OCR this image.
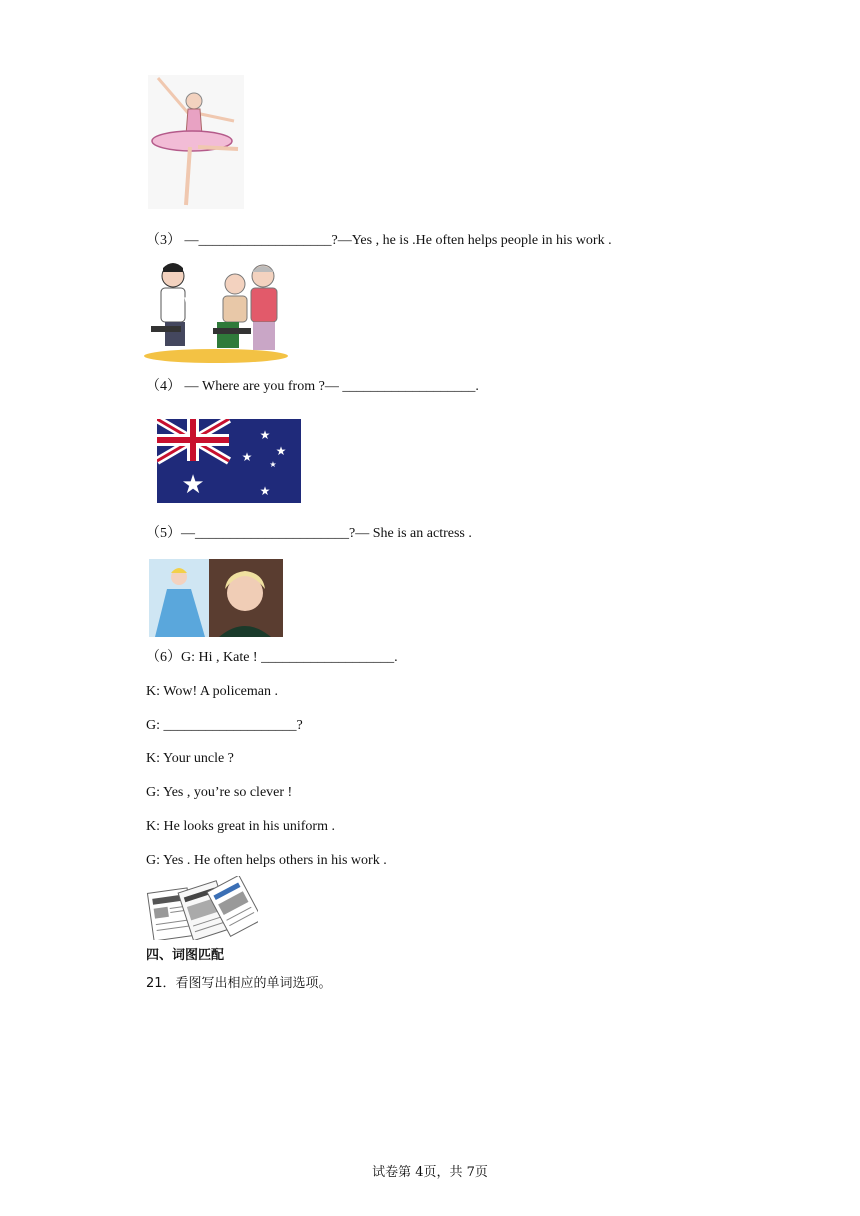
（3） —___________________?—Yes , he is .He often helps people in his work .
（4） — Where are you from ?— ___________________.
★
★
★ ★
★
★
（5）—______________________?— She is an actress .
（6）G: Hi , Kate ! ___________________.
K: Wow! A policeman .
G: ___________________?
K: Your uncle ?
G: Yes , you’re so clever !
K: He looks great in his uniform .
G: Yes . He often helps others in his work .
四、词图匹配
21．看图写出相应的单词选项。
试卷第 4页，共 7页
